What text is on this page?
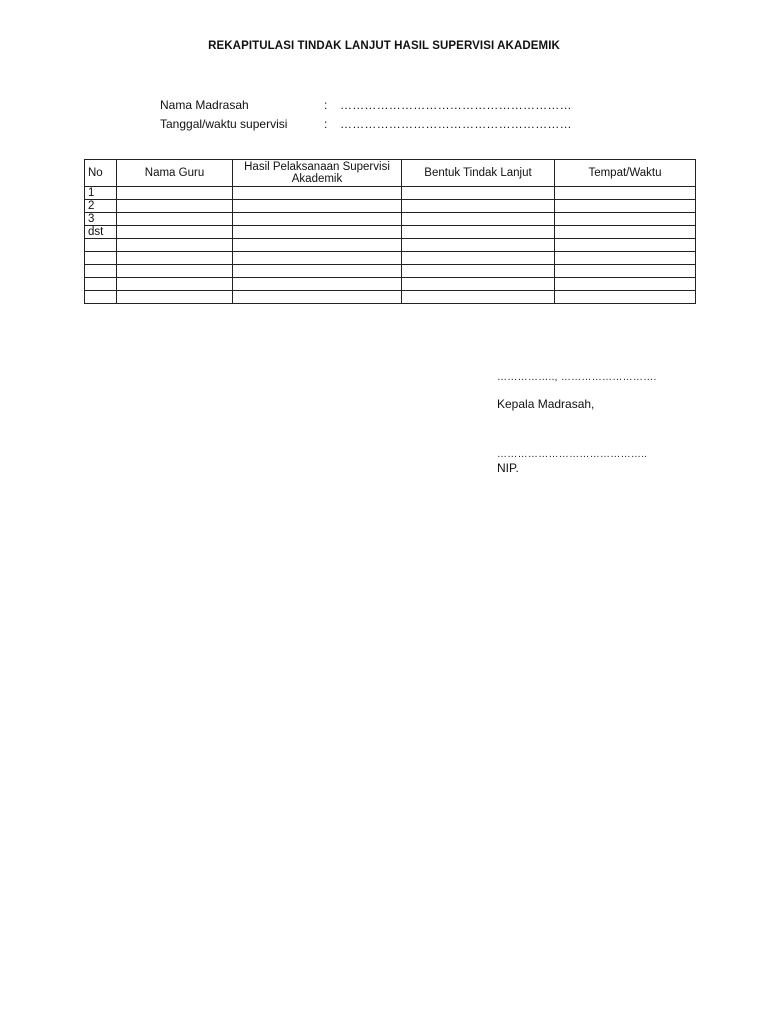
REKAPITULASI TINDAK LANJUT HASIL SUPERVISI AKADEMIK
Nama Madrasah	:	…………………………………………………
Tanggal/waktu supervisi	:	…………………………………………………
No	Nama Guru	Hasil Pelaksanaan Supervisi Akademik	Bentuk Tindak Lanjut	Tempat/Waktu
1				
2				
3				
dst				

…………….., ……………………….
Kepala Madrasah,
……………………………………..
NIP.
